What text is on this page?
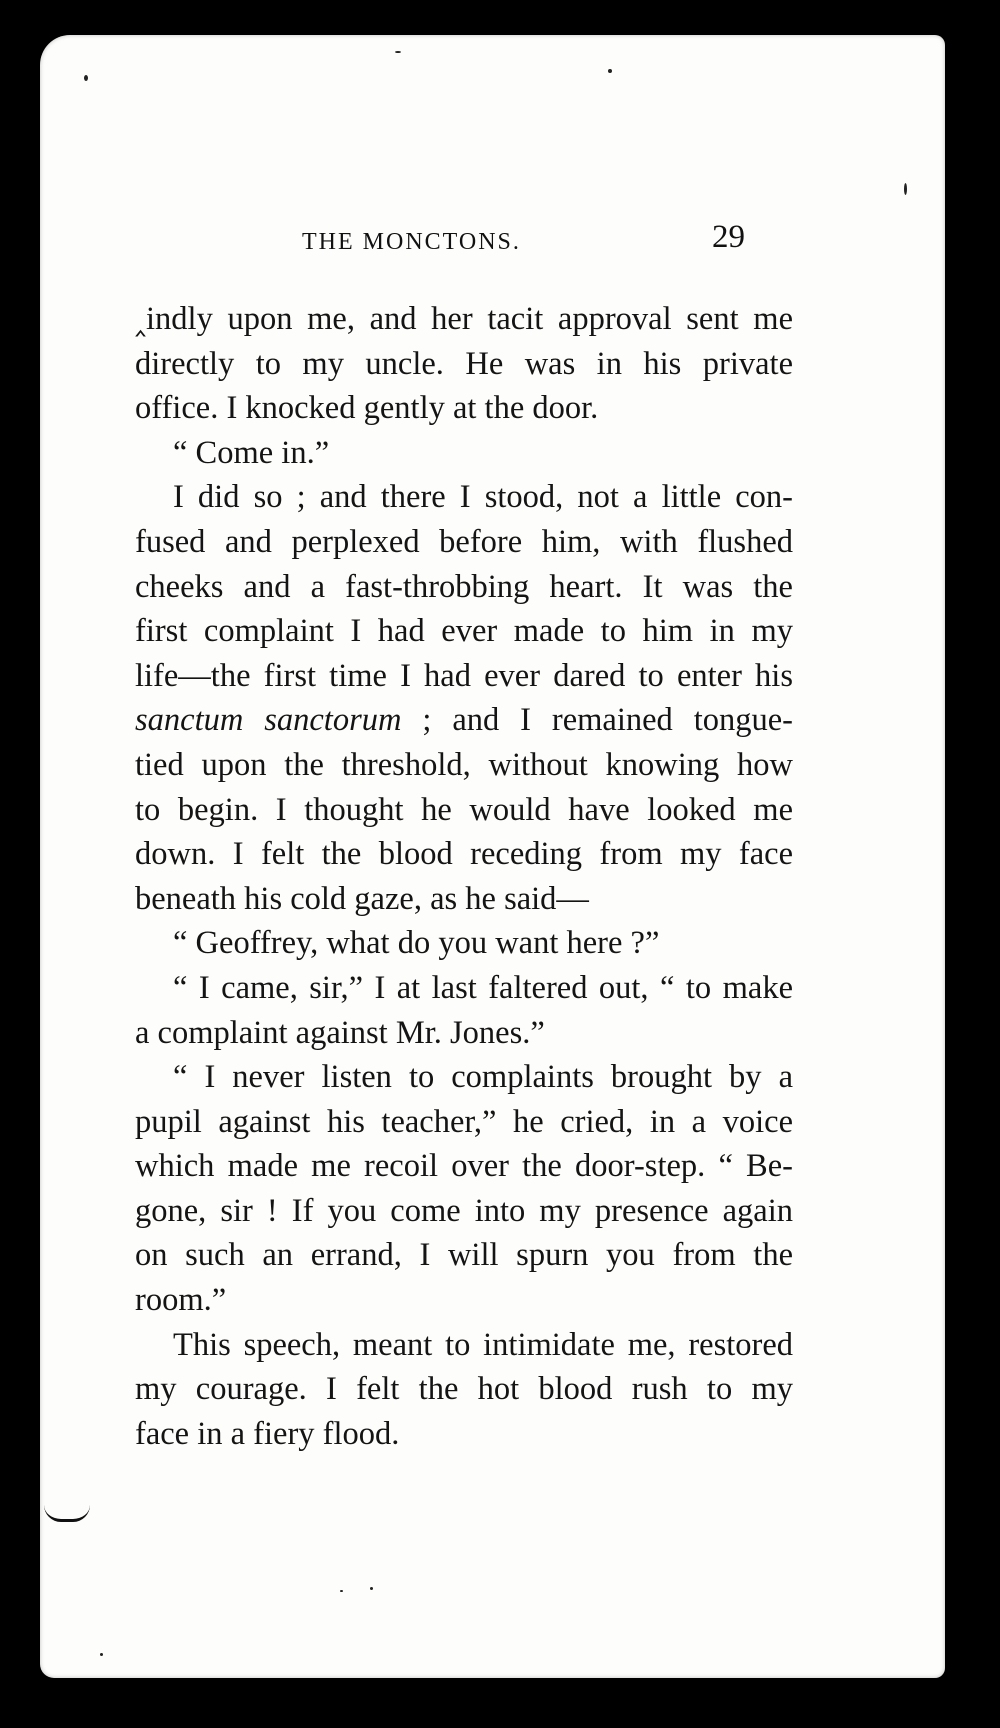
THE MONCTONS.	29
‸indly upon me, and her tacit approval sent me
directly to my uncle. He was in his private
office. I knocked gently at the door.
“ Come in.”
I did so ; and there I stood, not a little con-
fused and perplexed before him, with flushed
cheeks and a fast-throbbing heart. It was the
first complaint I had ever made to him in my
life—the first time I had ever dared to enter his
sanctum sanctorum ; and I remained tongue-
tied upon the threshold, without knowing how
to begin. I thought he would have looked me
down. I felt the blood receding from my face
beneath his cold gaze, as he said—
“ Geoffrey, what do you want here ?”
“ I came, sir,” I at last faltered out, “ to make
a complaint against Mr. Jones.”
“ I never listen to complaints brought by a
pupil against his teacher,” he cried, in a voice
which made me recoil over the door-step. “ Be-
gone, sir ! If you come into my presence again
on such an errand, I will spurn you from the
room.”
This speech, meant to intimidate me, restored
my courage. I felt the hot blood rush to my
face in a fiery flood.
